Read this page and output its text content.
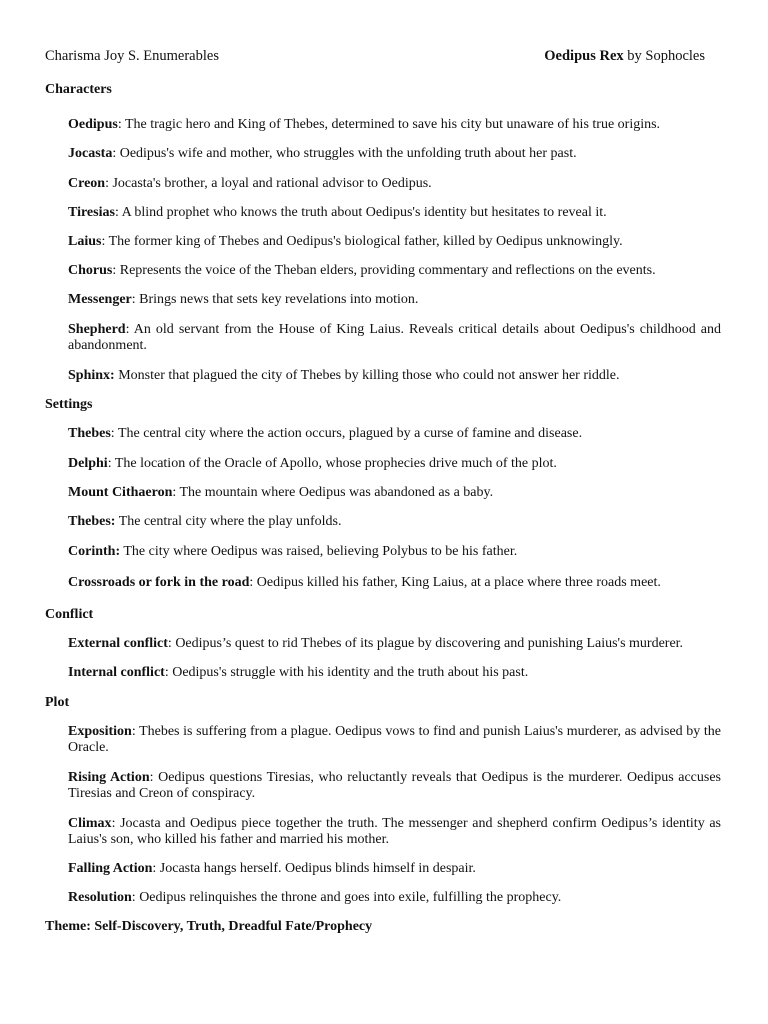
Charisma Joy S. Enumerables	Oedipus Rex by Sophocles
Characters
Oedipus: The tragic hero and King of Thebes, determined to save his city but unaware of his true origins.
Jocasta: Oedipus's wife and mother, who struggles with the unfolding truth about her past.
Creon: Jocasta's brother, a loyal and rational advisor to Oedipus.
Tiresias: A blind prophet who knows the truth about Oedipus's identity but hesitates to reveal it.
Laius: The former king of Thebes and Oedipus's biological father, killed by Oedipus unknowingly.
Chorus: Represents the voice of the Theban elders, providing commentary and reflections on the events.
Messenger: Brings news that sets key revelations into motion.
Shepherd: An old servant from the House of King Laius. Reveals critical details about Oedipus's childhood and abandonment.
Sphinx: Monster that plagued the city of Thebes by killing those who could not answer her riddle.
Settings
Thebes: The central city where the action occurs, plagued by a curse of famine and disease.
Delphi: The location of the Oracle of Apollo, whose prophecies drive much of the plot.
Mount Cithaeron: The mountain where Oedipus was abandoned as a baby.
Thebes: The central city where the play unfolds.
Corinth: The city where Oedipus was raised, believing Polybus to be his father.
Crossroads or fork in the road: Oedipus killed his father, King Laius, at a place where three roads meet.
Conflict
External conflict: Oedipus’s quest to rid Thebes of its plague by discovering and punishing Laius's murderer.
Internal conflict: Oedipus's struggle with his identity and the truth about his past.
Plot
Exposition: Thebes is suffering from a plague. Oedipus vows to find and punish Laius's murderer, as advised by the Oracle.
Rising Action: Oedipus questions Tiresias, who reluctantly reveals that Oedipus is the murderer. Oedipus accuses Tiresias and Creon of conspiracy.
Climax: Jocasta and Oedipus piece together the truth. The messenger and shepherd confirm Oedipus’s identity as Laius's son, who killed his father and married his mother.
Falling Action: Jocasta hangs herself. Oedipus blinds himself in despair.
Resolution: Oedipus relinquishes the throne and goes into exile, fulfilling the prophecy.
Theme: Self-Discovery, Truth, Dreadful Fate/Prophecy
